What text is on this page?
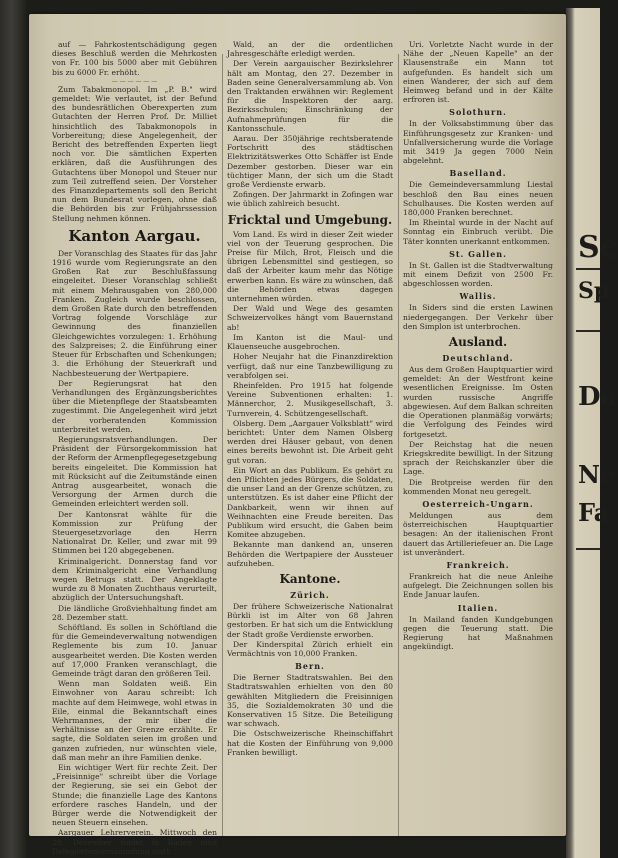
Sc
Sp
Da
Ne
Fa

auf — Fahrkostentschädigung gegen dieses Beschluß werden die Mehrkosten von Fr. 100 bis 5000 aber mit Gebühren bis zu 6000 Fr. erhöht.

— — — — — —

Zum Tabakmonopol. Im „P. B." wird gemeldet: Wie verlautet, ist der Befund des bundesrätlichen Oberexperten zum Gutachten der Herren Prof. Dr. Milliet hinsichtlich des Tabakmonopols in Vorbereitung; diese Angelegenheit, der Bericht des betreffenden Experten liegt noch vor. Die sämtlichen Experten erklären, daß die Ausführungen des Gutachtens über Monopol und Steuer nur zum Teil zutreffend seien. Der Vorsteher des Finanzdepartements soll den Bericht nun dem Bundesrat vorlegen, ohne daß die Behörden bis zur Frühjahrssession Stellung nehmen können.

Kanton Aargau.

Der Voranschlag des Staates für das Jahr 1916 wurde vom Regierungsrate an den Großen Rat zur Beschlußfassung eingeleitet. Dieser Voranschlag schließt mit einem Mehrausgaben von 280,000 Franken. Zugleich wurde beschlossen, dem Großen Rate durch den betreffenden Vortrag folgende Vorschläge zur Gewinnung des finanziellen Gleichgewichtes vorzulegen: 1. Erhöhung des Salzpreises; 2. die Einführung einer Steuer für Erbschaften und Schenkungen; 3. die Erhöhung der Steuerkraft und Nachbesteuerung der Wertpapiere.

Der Regierungsrat hat den Verhandlungen des Ergänzungsberichtes über die Mietenpflege der Staatsbeamten zugestimmt. Die Angelegenheit wird jetzt der vorberatenden Kommission unterbreitet werden.

Regierungsratsverhandlungen. Der Präsident der Fürsorgekommission hat der Reform der Armenpflegegesetzgebung bereits eingeleitet. Die Kommission hat mit Rücksicht auf die Zeitumstände einen Antrag ausgearbeitet, wonach die Versorgung der Armen durch die Gemeinden erleichtert werden soll.

Der Kantonsrat wählte für die Kommission zur Prüfung der Steuergesetzvorlage den Herrn Nationalrat Dr. Keller, und zwar mit 99 Stimmen bei 120 abgegebenen.

Kriminalgericht. Donnerstag fand vor dem Kriminalgericht eine Verhandlung wegen Betrugs statt. Der Angeklagte wurde zu 8 Monaten Zuchthaus verurteilt, abzüglich der Untersuchungshaft.

Die ländliche Großviehhaltung findet am 28. Dezember statt.

Schöftland. Es sollen in Schöftland die für die Gemeindeverwaltung notwendigen Reglemente bis zum 10. Januar ausgearbeitet werden. Die Kosten werden auf 17,000 Franken veranschlagt, die Gemeinde trägt daran den größeren Teil.

Wenn man Soldaten weiß. Ein Einwohner von Aarau schreibt: Ich machte auf dem Heimwege, wohl etwas in Eile, einmal die Bekanntschaft eines Wehrmannes, der mir über die Verhältnisse an der Grenze erzählte. Er sagte, die Soldaten seien im großen und ganzen zufrieden, nur wünschten viele, daß man mehr an ihre Familien denke.

Ein wichtiger Wert für rechte Zeit. Der „Freisinnige" schreibt über die Vorlage der Regierung, sie sei ein Gebot der Stunde; die finanzielle Lage des Kantons erfordere rasches Handeln, und der Bürger werde die Notwendigkeit der neuen Steuern einsehen.

Aargauer Lehrerverein. Mittwoch den 29. Dezember findet in Baden eine Delegiertenversammlung statt.

Wald, an der die ordentlichen Jahresgeschäfte erledigt werden.

Der Verein aargauischer Bezirkslehrer hält am Montag, den 27. Dezember in Baden seine Generalversammlung ab. Von den Traktanden erwähnen wir: Reglement für die Inspektoren der aarg. Bezirksschulen; Einschränkung der Aufnahmeprüfungen für die Kantonsschule.

Aarau. Der 350jährige rechtsberatende Fortschritt des städtischen Elektrizitätswerkes Otto Schäffer ist Ende Dezember gestorben. Dieser war ein tüchtiger Mann, der sich um die Stadt große Verdienste erwarb.

Zofingen. Der Jahrmarkt in Zofingen war wie üblich zahlreich besucht.

Fricktal und Umgebung.

Vom Land. Es wird in dieser Zeit wieder viel von der Teuerung gesprochen. Die Preise für Milch, Brot, Fleisch und die übrigen Lebensmittel sind gestiegen, so daß der Arbeiter kaum mehr das Nötige erwerben kann. Es wäre zu wünschen, daß die Behörden etwas dagegen unternehmen würden.

Der Wald und Wege des gesamten Schweizervolkes hängt vom Bauernstand ab!

Im Kanton ist die Maul- und Klauenseuche ausgebrochen.

Hoher Neujahr hat die Finanzdirektion verfügt, daß nur eine Tanzbewilligung zu verabfolgen sei.

Rheinfelden. Pro 1915 hat folgende Vereine Subventionen erhalten: 1. Männerchor, 2. Musikgesellschaft, 3. Turnverein, 4. Schützengesellschaft.

Olsberg. Dem „Aargauer Volksblatt" wird berichtet: Unter dem Namen Olsberg werden drei Häuser gebaut, von denen eines bereits bewohnt ist. Die Arbeit geht gut voran.

Ein Wort an das Publikum. Es gehört zu den Pflichten jedes Bürgers, die Soldaten, die unser Land an der Grenze schützen, zu unterstützen. Es ist daher eine Pflicht der Dankbarkeit, wenn wir ihnen auf Weihnachten eine Freude bereiten. Das Publikum wird ersucht, die Gaben beim Komitee abzugeben.

Bekannte man dankend an, unseren Behörden die Wertpapiere der Aussteuer aufzuheben.

Kantone.
Zürich.

Der frühere Schweizerische Nationalrat Bürkli ist im Alter von 68 Jahren gestorben. Er hat sich um die Entwicklung der Stadt große Verdienste erworben.

Der Kinderspital Zürich erhielt ein Vermächtnis von 10,000 Franken.

Bern.

Die Berner Stadtratswahlen. Bei den Stadtratswahlen erhielten von den 80 gewählten Mitgliedern die Freisinnigen 35, die Sozialdemokraten 30 und die Konservativen 15 Sitze. Die Beteiligung war schwach.

Die Ostschweizerische Rheinschiffahrt hat die Kosten der Einführung von 9,000 Franken bewilligt.

Uri. Vorletzte Nacht wurde in der Nähe der „Neuen Kapelle" an der Klausenstraße ein Mann tot aufgefunden. Es handelt sich um einen Wanderer, der sich auf dem Heimweg befand und in der Kälte erfroren ist.

Solothurn.

In der Volksabstimmung über das Einführungsgesetz zur Kranken- und Unfallversicherung wurde die Vorlage mit 3419 Ja gegen 7000 Nein abgelehnt.

Baselland.

Die Gemeindeversammlung Liestal beschloß den Bau eines neuen Schulhauses. Die Kosten werden auf 180,000 Franken berechnet.

Im Rheintal wurde in der Nacht auf Sonntag ein Einbruch verübt. Die Täter konnten unerkannt entkommen.

St. Gallen.

In St. Gallen ist die Stadtverwaltung mit einem Defizit von 2500 Fr. abgeschlossen worden.

Wallis.

In Siders sind die ersten Lawinen niedergegangen. Der Verkehr über den Simplon ist unterbrochen.

Ausland.
Deutschland.

Aus dem Großen Hauptquartier wird gemeldet: An der Westfront keine wesentlichen Ereignisse. Im Osten wurden russische Angriffe abgewiesen. Auf dem Balkan schreiten die Operationen planmäßig vorwärts; die Verfolgung des Feindes wird fortgesetzt.

Der Reichstag hat die neuen Kriegskredite bewilligt. In der Sitzung sprach der Reichskanzler über die Lage.

Die Brotpreise werden für den kommenden Monat neu geregelt.

Oesterreich-Ungarn.

Meldungen aus dem österreichischen Hauptquartier besagen: An der italienischen Front dauert das Artilleriefeuer an. Die Lage ist unverändert.

Frankreich.

Frankreich hat die neue Anleihe aufgelegt. Die Zeichnungen sollen bis Ende Januar laufen.

Italien.

In Mailand fanden Kundgebungen gegen die Teuerung statt. Die Regierung hat Maßnahmen angekündigt.
